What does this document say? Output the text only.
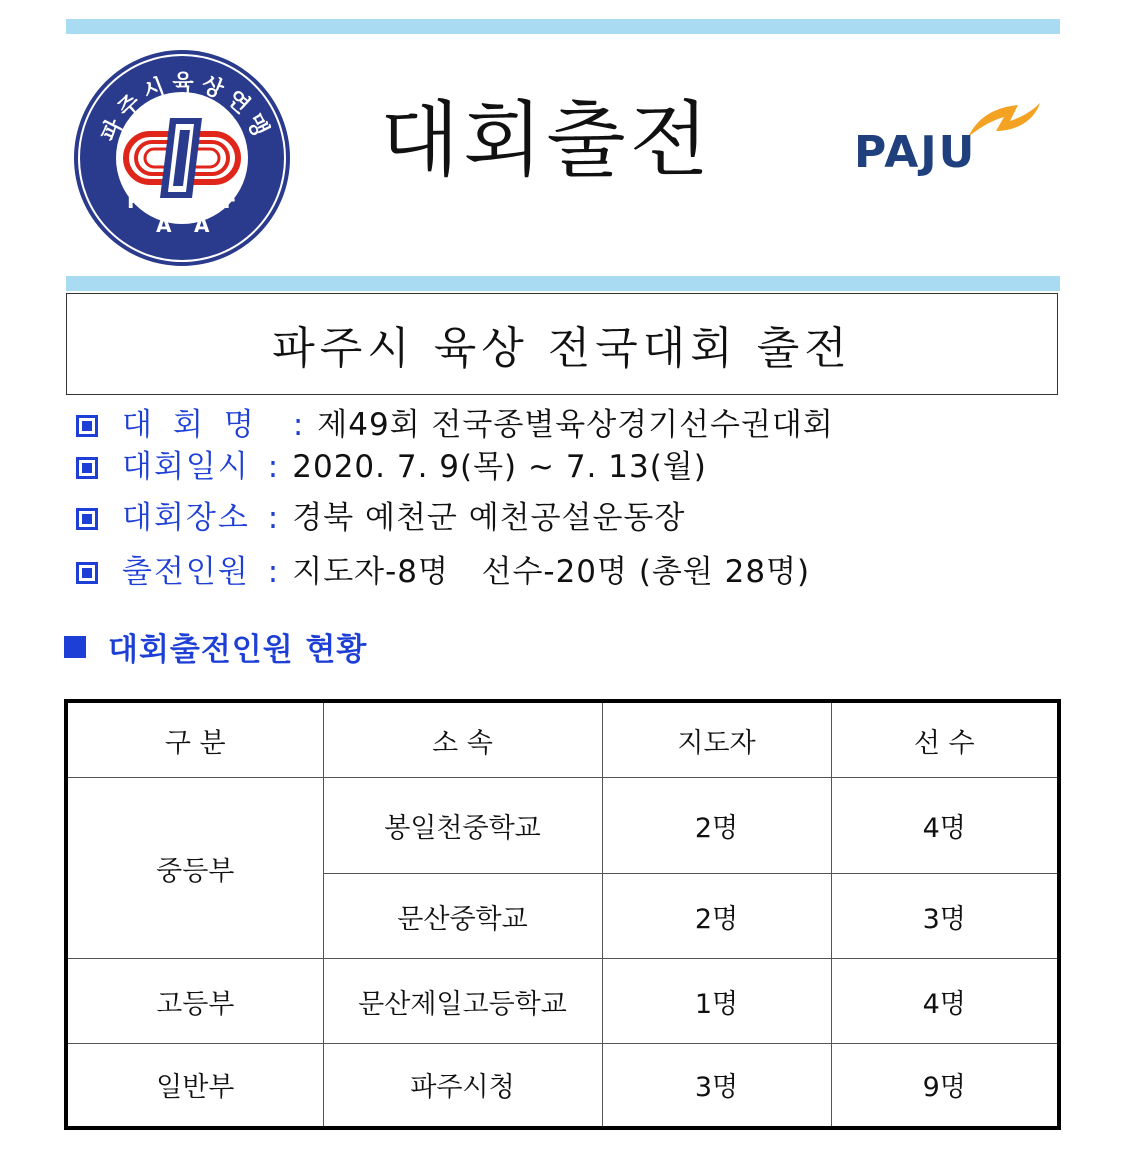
파주시육상연맹
P
A A
F
대회출전	PAJU
파주시 육상 전국대회 출전
대회명 : 제49회 전국종별육상경기선수권대회
대회일시 : 2020. 7. 9(목) ~ 7. 13(월)
대회장소 : 경북 예천군 예천공설운동장
출전인원 : 지도자-8명   선수-20명 (총원 28명)
대회출전인원 현황
구 분	소 속	지도자	선 수
중등부	봉일천중학교	2명	4명
	문산중학교	2명	3명
고등부	문산제일고등학교	1명	4명
일반부	파주시청	3명	9명
